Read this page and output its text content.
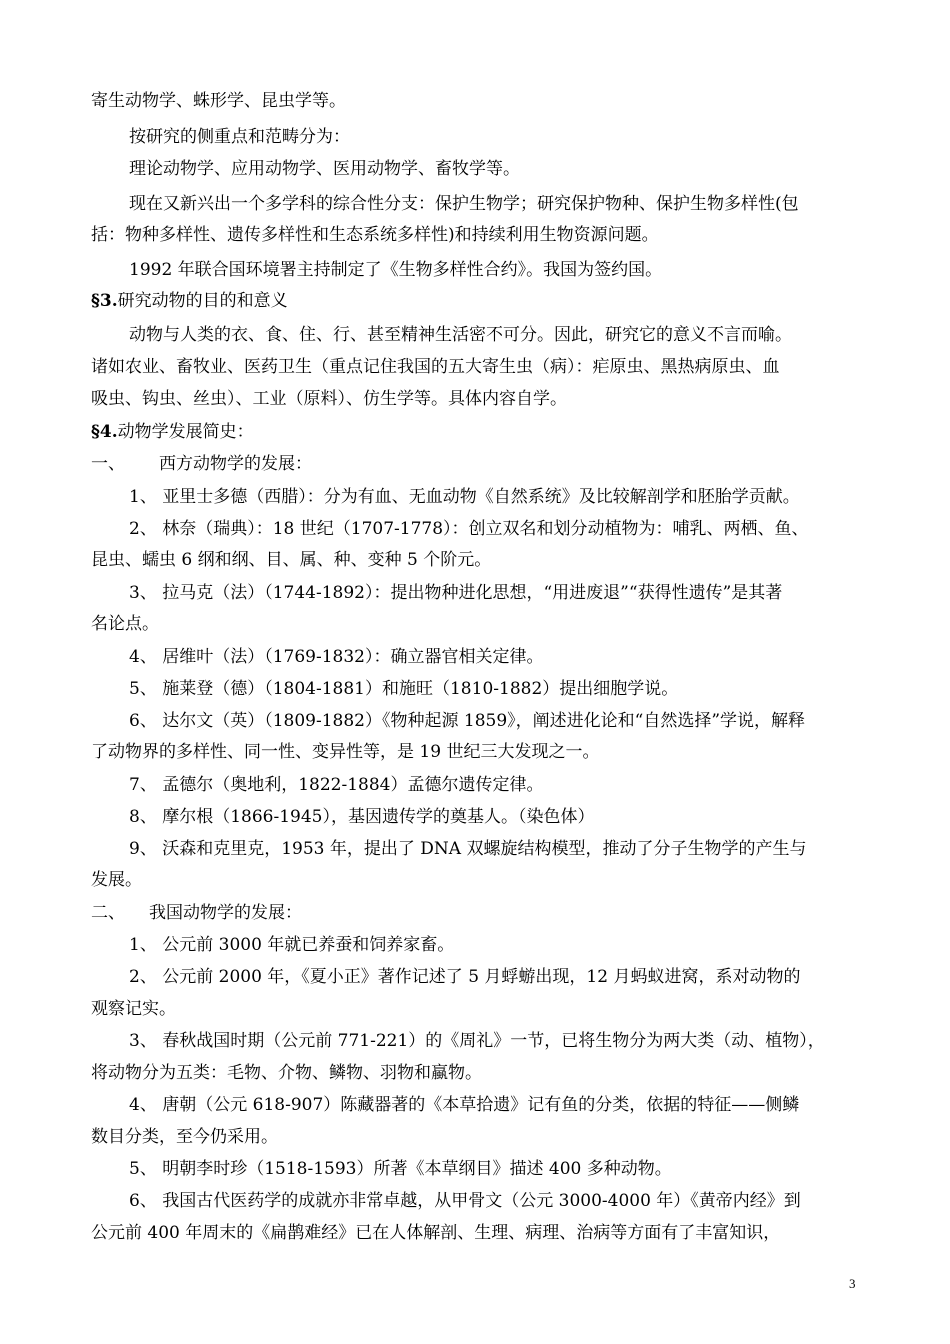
寄生动物学、蛛形学、昆虫学等。
按研究的侧重点和范畴分为：
理论动物学、应用动物学、医用动物学、畜牧学等。
现在又新兴出一个多学科的综合性分支：保护生物学；研究保护物种、保护生物多样性(包
括：物种多样性、遗传多样性和生态系统多样性)和持续利用生物资源问题。
1992 年联合国环境署主持制定了《生物多样性合约》。我国为签约国。
§3.研究动物的目的和意义
动物与人类的衣、食、住、行、甚至精神生活密不可分。因此，研究它的意义不言而喻。
诸如农业、畜牧业、医药卫生（重点记住我国的五大寄生虫（病）：疟原虫、黑热病原虫、血
吸虫、钩虫、丝虫）、工业（原料）、仿生学等。具体内容自学。
§4.动物学发展简史：
一、 西方动物学的发展：
1、 亚里士多德（西腊）：分为有血、无血动物《自然系统》及比较解剖学和胚胎学贡献。
2、 林奈（瑞典）：18 世纪（1707-1778）：创立双名和划分动植物为：哺乳、两栖、鱼、
昆虫、蠕虫 6 纲和纲、目、属、种、变种 5 个阶元。
3、 拉马克（法）（1744-1892）：提出物种进化思想，“用进废退”“获得性遗传”是其著
名论点。
4、 居维叶（法）（1769-1832）：确立器官相关定律。
5、 施莱登（德）（1804-1881）和施旺（1810-1882）提出细胞学说。
6、 达尔文（英）（1809-1882）《物种起源 1859》，阐述进化论和“自然选择”学说，解释
了动物界的多样性、同一性、变异性等，是 19 世纪三大发现之一。
7、 孟德尔（奥地利，1822-1884）孟德尔遗传定律。
8、 摩尔根（1866-1945），基因遗传学的奠基人。（染色体）
9、 沃森和克里克，1953 年，提出了 DNA 双螺旋结构模型，推动了分子生物学的产生与
发展。
二、 我国动物学的发展：
1、 公元前 3000 年就已养蚕和饲养家畜。
2、 公元前 2000 年，《夏小正》著作记述了 5 月蜉蝣出现，12 月蚂蚁进窝，系对动物的
观察记实。
3、 春秋战国时期（公元前 771-221）的《周礼》一节，已将生物分为两大类（动、植物），
将动物分为五类：毛物、介物、鳞物、羽物和蠃物。
4、 唐朝（公元 618-907）陈藏器著的《本草拾遗》记有鱼的分类，依据的特征——侧鳞
数目分类，至今仍采用。
5、 明朝李时珍（1518-1593）所著《本草纲目》描述 400 多种动物。
6、 我国古代医药学的成就亦非常卓越，从甲骨文（公元 3000-4000 年）《黄帝内经》到
公元前 400 年周末的《扁鹊难经》已在人体解剖、生理、病理、治病等方面有了丰富知识，
3
